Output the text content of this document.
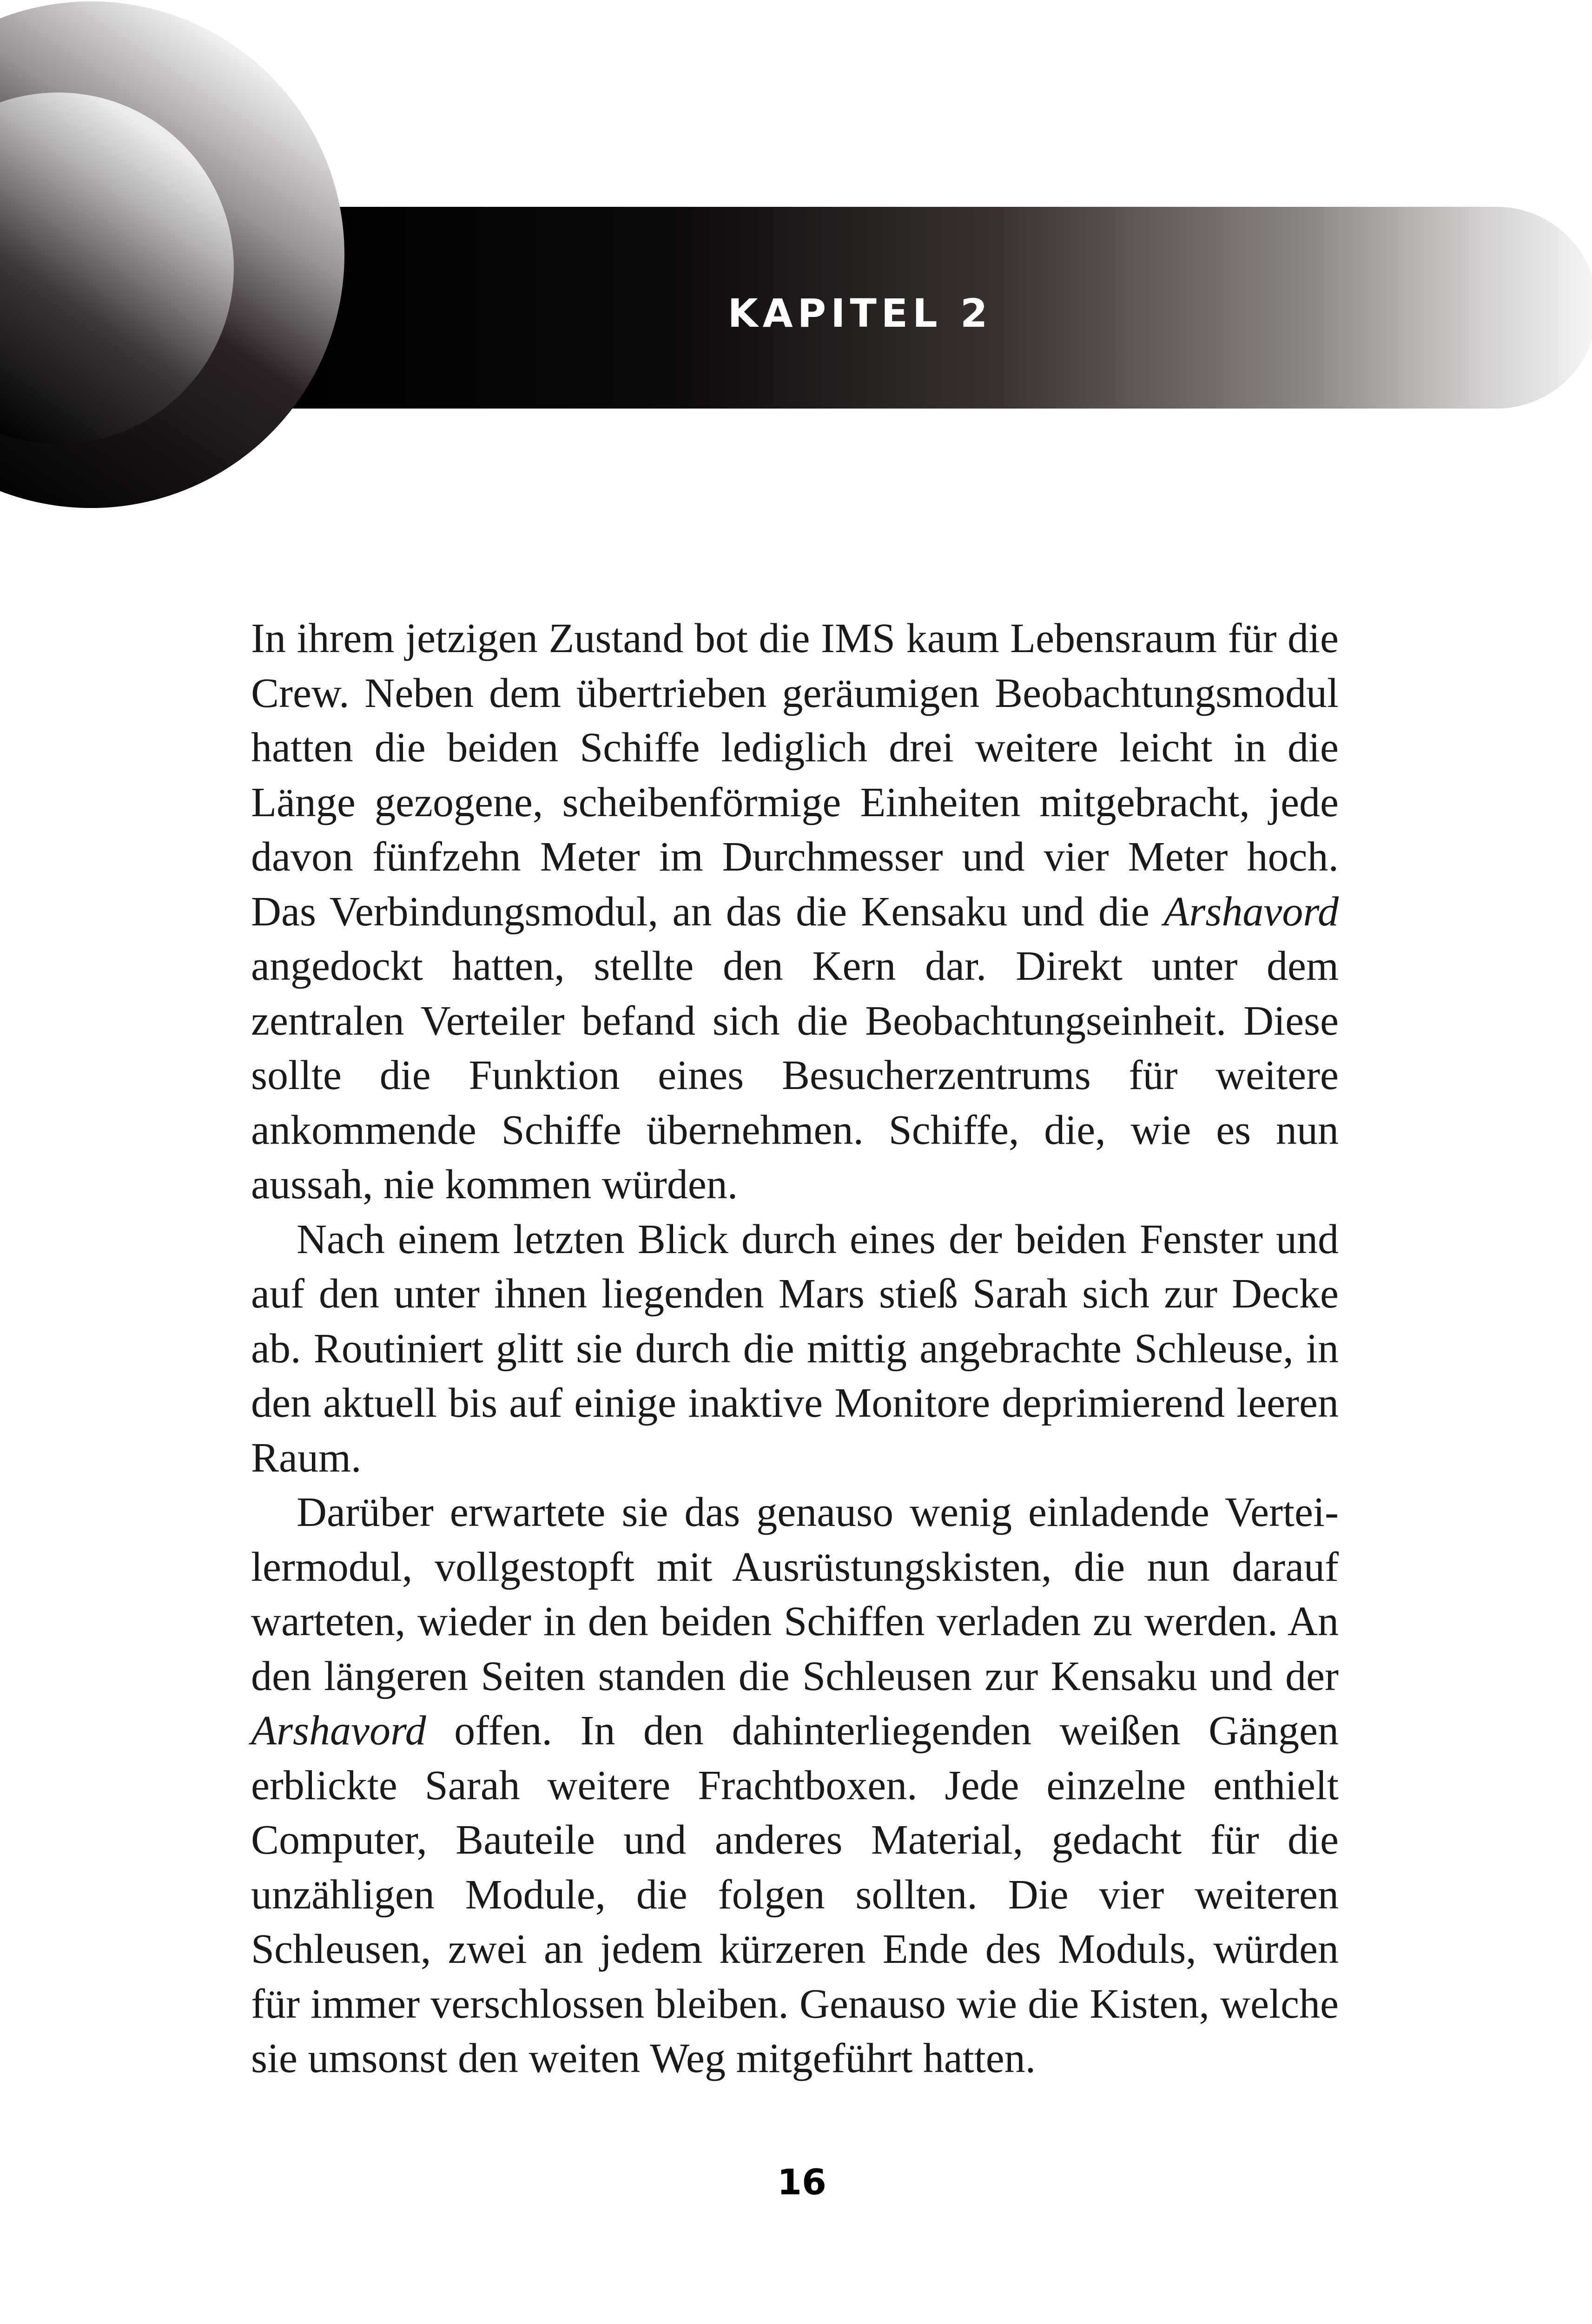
KAPITEL 2

In ihrem jetzigen Zustand bot die IMS kaum Lebensraum für die Crew. Neben dem übertrieben geräumigen Beobachtungsmodul hatten die beiden Schiffe lediglich drei weitere leicht in die Länge gezogene, scheibenförmige Einheiten mitgebracht, jede davon fünfzehn Meter im Durchmesser und vier Meter hoch. Das Verbindungsmodul, an das die Kensaku und die Arshavord angedockt hatten, stellte den Kern dar. Direkt unter dem zentralen Verteiler befand sich die Beobachtungseinheit. Diese sollte die Funktion eines Besucherzentrums für weitere ankommende Schiffe übernehmen. Schiffe, die, wie es nun aussah, nie kommen würden.

Nach einem letzten Blick durch eines der beiden Fenster und auf den unter ihnen liegenden Mars stieß Sarah sich zur Decke ab. Routiniert glitt sie durch die mittig angebrachte Schleuse, in den aktuell bis auf einige inaktive Monitore deprimierend leeren Raum.

Darüber erwartete sie das genauso wenig einladende Verteilermodul, vollgestopft mit Ausrüstungskisten, die nun darauf warteten, wieder in den beiden Schiffen verladen zu werden. An den längeren Seiten standen die Schleusen zur Kensaku und der Arshavord offen. In den dahinterliegenden weißen Gängen erblickte Sarah weitere Frachtboxen. Jede einzelne enthielt Computer, Bauteile und anderes Material, gedacht für die unzähligen Module, die folgen sollten. Die vier weiteren Schleusen, zwei an jedem kürzeren Ende des Moduls, würden für immer verschlossen bleiben. Genauso wie die Kisten, welche sie umsonst den weiten Weg mitgeführt hatten.

16
